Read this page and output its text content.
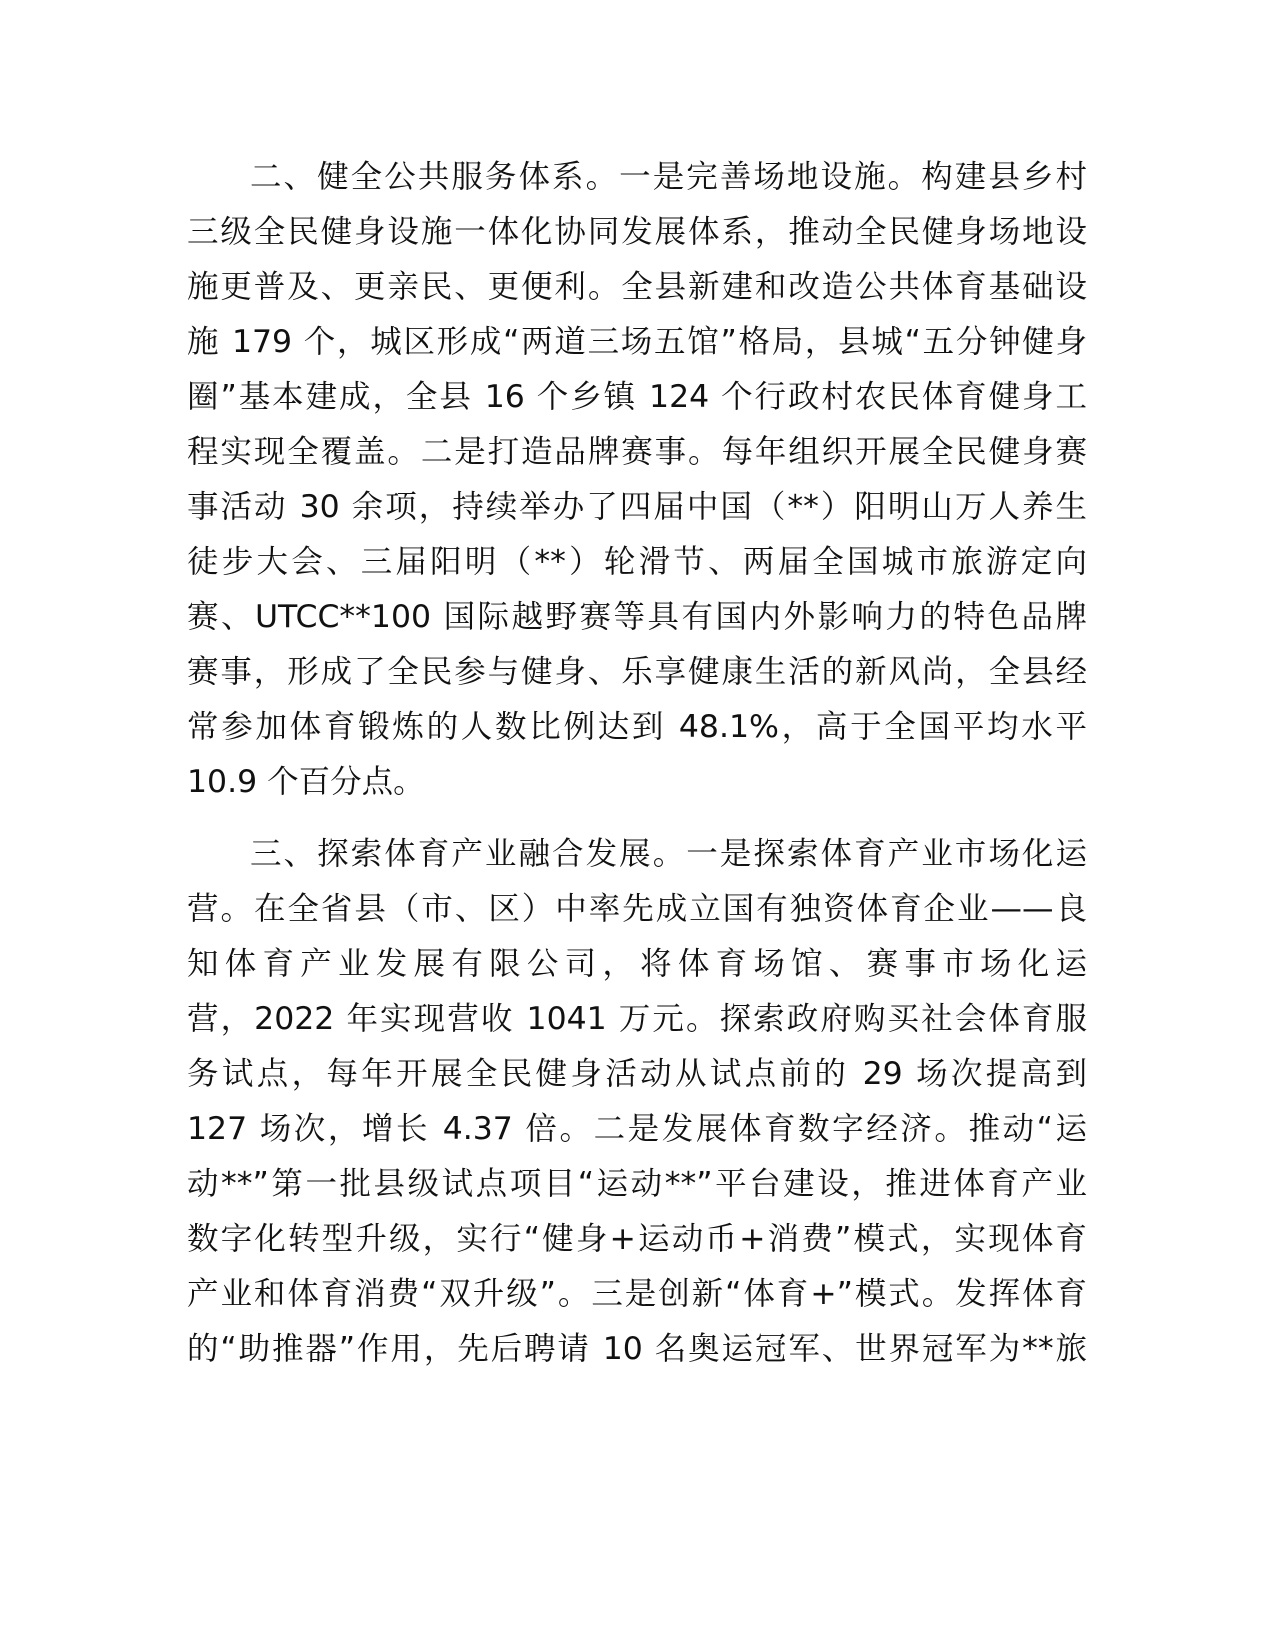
二、健全公共服务体系。一是完善场地设施。构建县乡村
三级全民健身设施一体化协同发展体系，推动全民健身场地设
施更普及、更亲民、更便利。全县新建和改造公共体育基础设
施 179 个，城区形成“两道三场五馆”格局，县城“五分钟健身
圈”基本建成，全县 16 个乡镇 124 个行政村农民体育健身工
程实现全覆盖。二是打造品牌赛事。每年组织开展全民健身赛
事活动 30 余项，持续举办了四届中国（**）阳明山万人养生
徒步大会、三届阳明（**）轮滑节、两届全国城市旅游定向
赛、UTCC**100 国际越野赛等具有国内外影响力的特色品牌
赛事，形成了全民参与健身、乐享健康生活的新风尚，全县经
常参加体育锻炼的人数比例达到 48.1%，高于全国平均水平
10.9 个百分点。
三、探索体育产业融合发展。一是探索体育产业市场化运
营。在全省县（市、区）中率先成立国有独资体育企业——良
知体育产业发展有限公司，将体育场馆、赛事市场化运
营，2022 年实现营收 1041 万元。探索政府购买社会体育服
务试点，每年开展全民健身活动从试点前的 29 场次提高到
127 场次，增长 4.37 倍。二是发展体育数字经济。推动“运
动**”第一批县级试点项目“运动**”平台建设，推进体育产业
数字化转型升级，实行“健身+运动币+消费”模式，实现体育
产业和体育消费“双升级”。三是创新“体育+”模式。发挥体育
的“助推器”作用，先后聘请 10 名奥运冠军、世界冠军为**旅
